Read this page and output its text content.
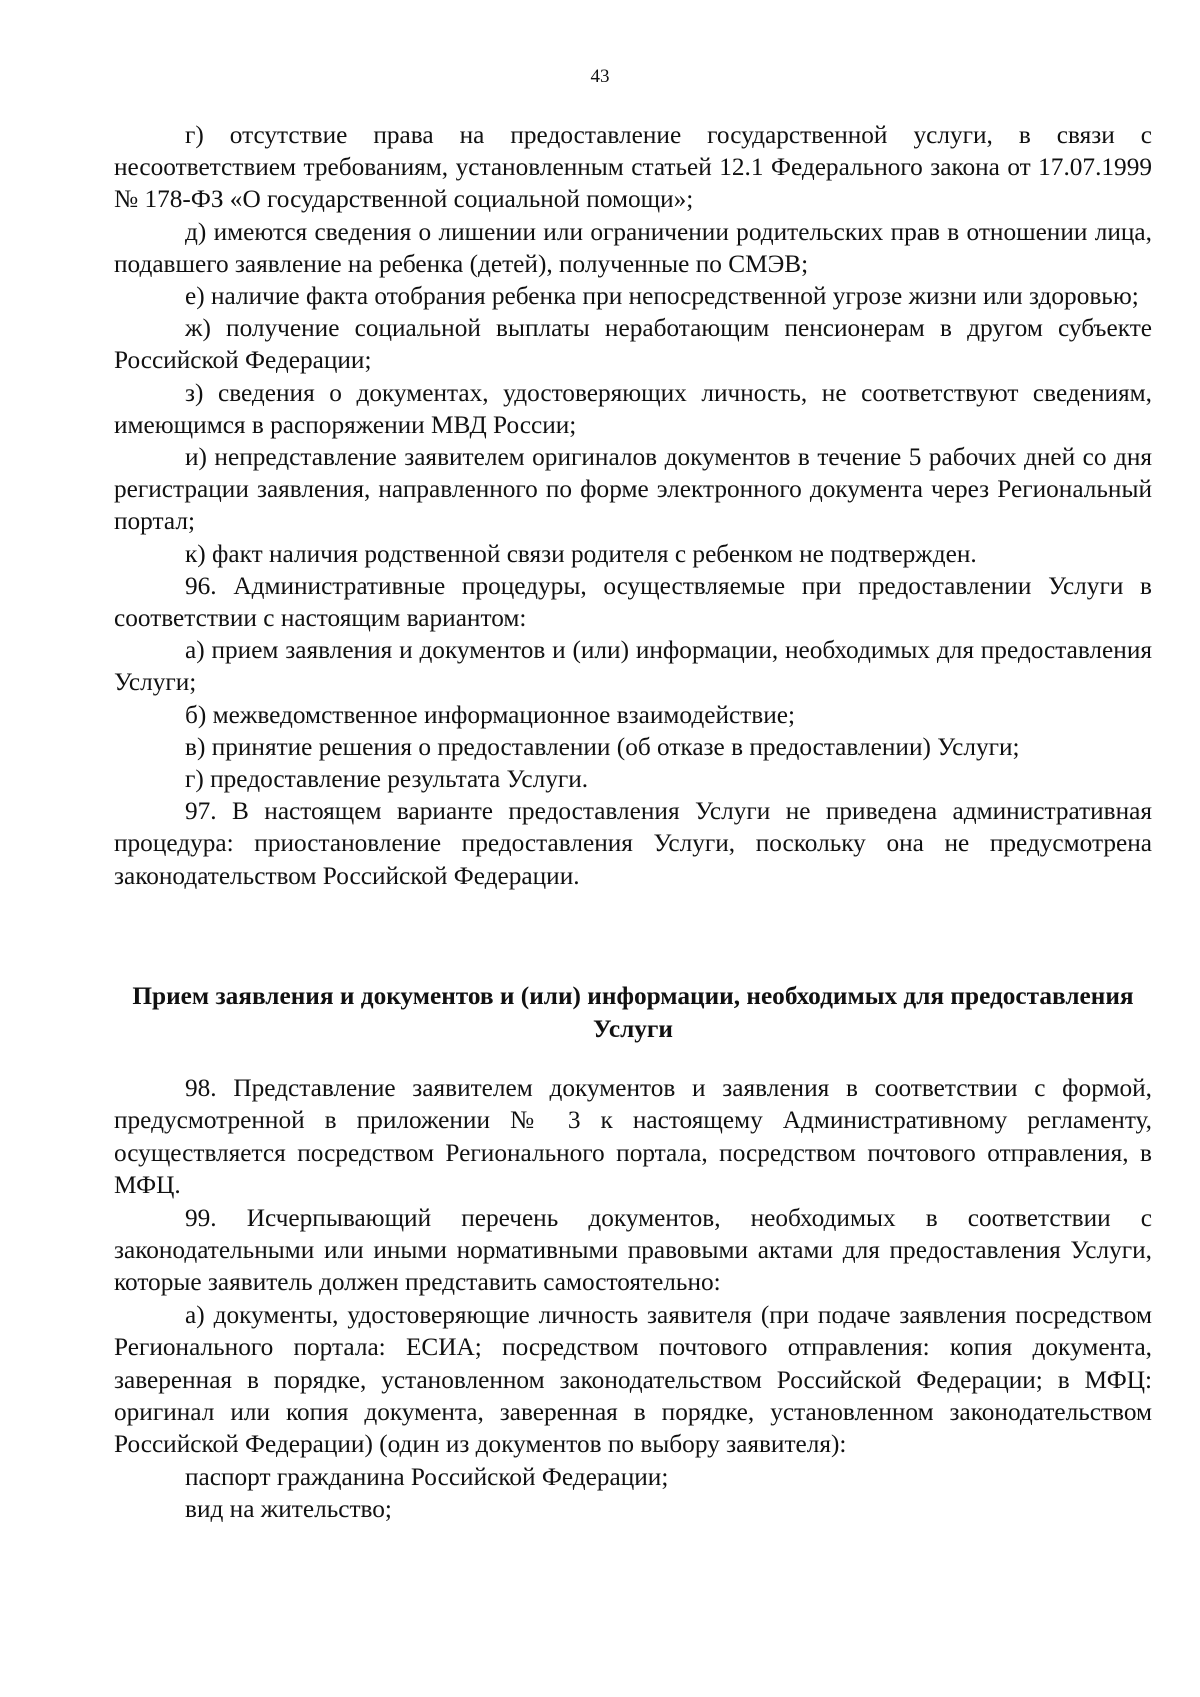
43

г) отсутствие права на предоставление государственной услуги, в связи с несоответствием требованиям, установленным статьей 12.1 Федерального закона от 17.07.1999 № 178-ФЗ «О государственной социальной помощи»;

д) имеются сведения о лишении или ограничении родительских прав в отношении лица, подавшего заявление на ребенка (детей), полученные по СМЭВ;

е) наличие факта отобрания ребенка при непосредственной угрозе жизни или здоровью;

ж) получение социальной выплаты неработающим пенсионерам в другом субъекте Российской Федерации;

з) сведения о документах, удостоверяющих личность, не соответствуют сведениям, имеющимся в распоряжении МВД России;

и) непредставление заявителем оригиналов документов в течение 5 рабочих дней со дня регистрации заявления, направленного по форме электронного документа через Региональный портал;

к) факт наличия родственной связи родителя с ребенком не подтвержден.

96. Административные процедуры, осуществляемые при предоставлении Услуги в соответствии с настоящим вариантом:

а) прием заявления и документов и (или) информации, необходимых для предоставления Услуги;

б) межведомственное информационное взаимодействие;

в) принятие решения о предоставлении (об отказе в предоставлении) Услуги;

г) предоставление результата Услуги.

97. В настоящем варианте предоставления Услуги не приведена административная процедура: приостановление предоставления Услуги, поскольку она не предусмотрена законодательством Российской Федерации.

Прием заявления и документов и (или) информации, необходимых для предоставления Услуги

98. Представление заявителем документов и заявления в соответствии с формой, предусмотренной в приложении № 3 к настоящему Административному регламенту, осуществляется посредством Регионального портала, посредством почтового отправления, в МФЦ.

99. Исчерпывающий перечень документов, необходимых в соответствии с законодательными или иными нормативными правовыми актами для предоставления Услуги, которые заявитель должен представить самостоятельно:

а) документы, удостоверяющие личность заявителя (при подаче заявления посредством Регионального портала: ЕСИА; посредством почтового отправления: копия документа, заверенная в порядке, установленном законодательством Российской Федерации; в МФЦ: оригинал или копия документа, заверенная в порядке, установленном законодательством Российской Федерации) (один из документов по выбору заявителя):

паспорт гражданина Российской Федерации;

вид на жительство;
